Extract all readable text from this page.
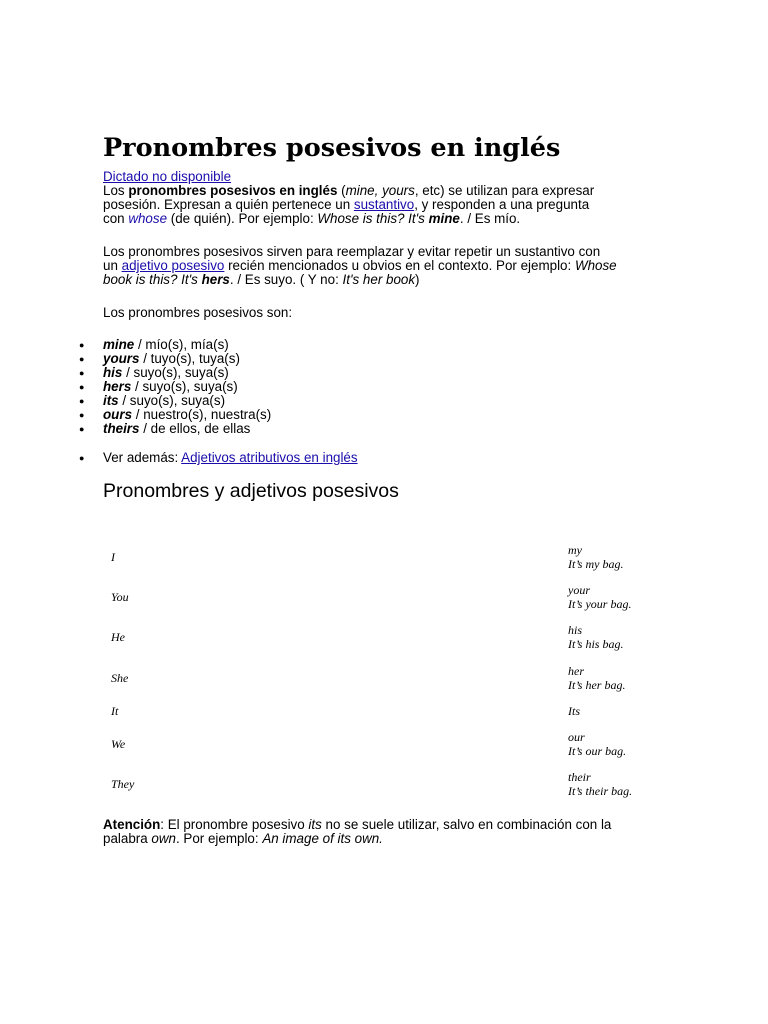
Pronombres posesivos en inglés
Dictado no disponible
Los pronombres posesivos en inglés (mine, yours, etc) se utilizan para expresar
posesión. Expresan a quién pertenece un sustantivo, y responden a una pregunta
con whose (de quién). Por ejemplo: Whose is this? It's mine. / Es mío.
Los pronombres posesivos sirven para reemplazar y evitar repetir un sustantivo con
un adjetivo posesivo recién mencionados u obvios en el contexto. Por ejemplo: Whose
book is this? It's hers. / Es suyo. ( Y no: It's her book)
Los pronombres posesivos son:
● mine / mío(s), mía(s)
● yours / tuyo(s), tuya(s)
● his / suyo(s), suya(s)
● hers / suyo(s), suya(s)
● its / suyo(s), suya(s)
● ours / nuestro(s), nuestra(s)
● theirs / de ellos, de ellas
● Ver además: Adjetivos atributivos en inglés
Pronombres y adjetivos posesivos
I	my
It’s my bag.
You	your
It’s your bag.
He	his
It’s his bag.
She	her
It’s her bag.
It	Its
We	our
It’s our bag.
They	their
It’s their bag.
Atención: El pronombre posesivo its no se suele utilizar, salvo en combinación con la
palabra own. Por ejemplo: An image of its own.
